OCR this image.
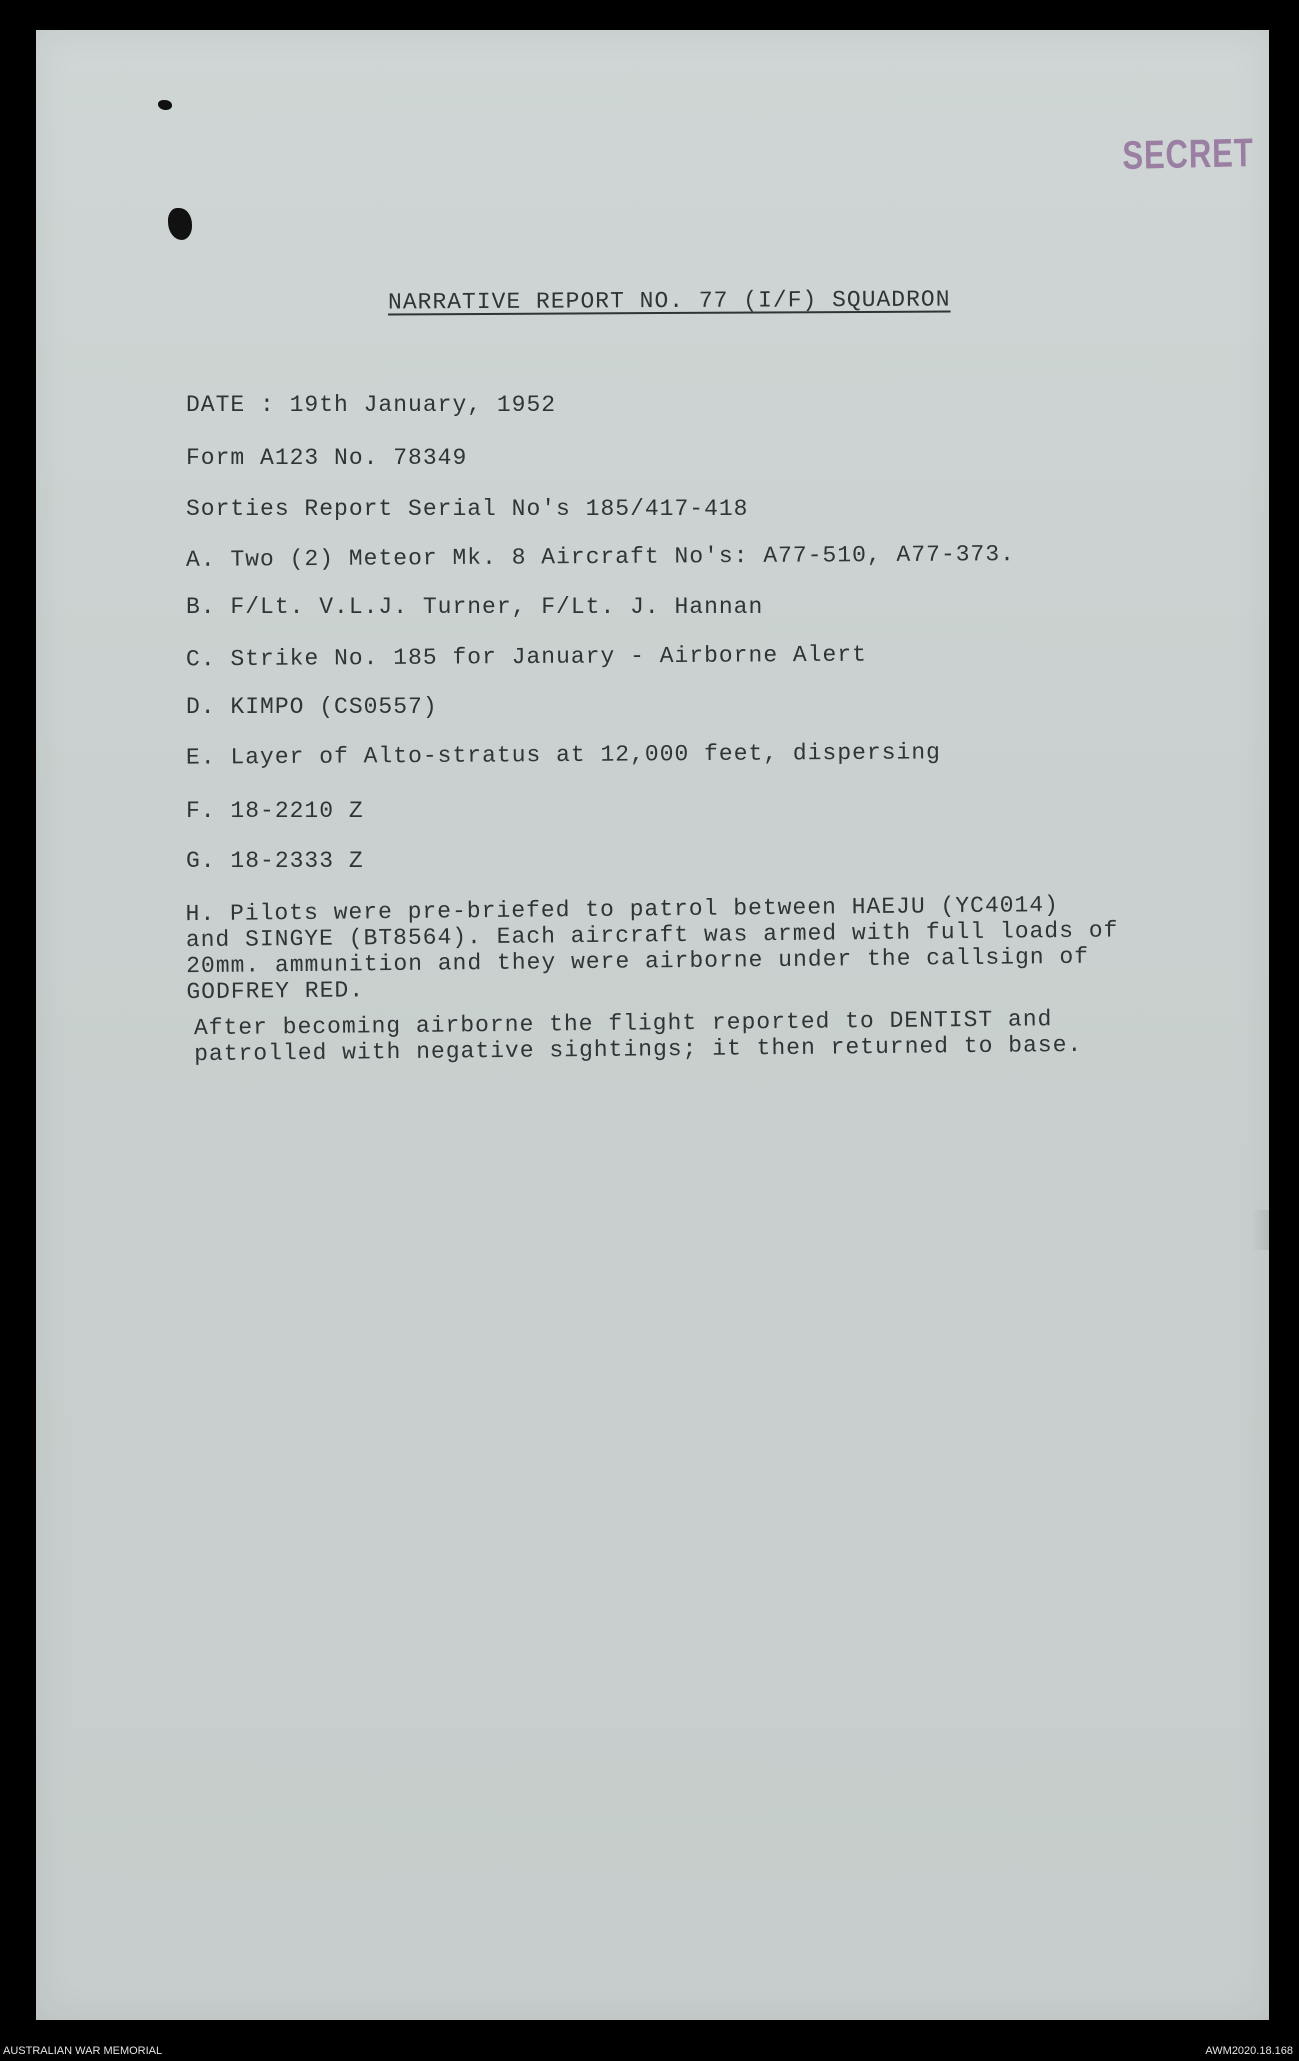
SECRET
NARRATIVE REPORT NO. 77 (I/F) SQUADRON
DATE : 19th January, 1952
Form A123 No. 78349
Sorties Report Serial No's 185/417-418
A. Two (2) Meteor Mk. 8 Aircraft No's: A77-510, A77-373.
B. F/Lt. V.L.J. Turner, F/Lt. J. Hannan
C. Strike No. 185 for January - Airborne Alert
D. KIMPO (CS0557)
E. Layer of Alto-stratus at 12,000 feet, dispersing
F. 18-2210 Z
G. 18-2333 Z
H. Pilots were pre-briefed to patrol between HAEJU (YC4014)
and SINGYE (BT8564). Each aircraft was armed with full loads of
20mm. ammunition and they were airborne under the callsign of
GODFREY RED.
After becoming airborne the flight reported to DENTIST and
patrolled with negative sightings; it then returned to base.
AUSTRALIAN WAR MEMORIAL	AWM2020.18.168
